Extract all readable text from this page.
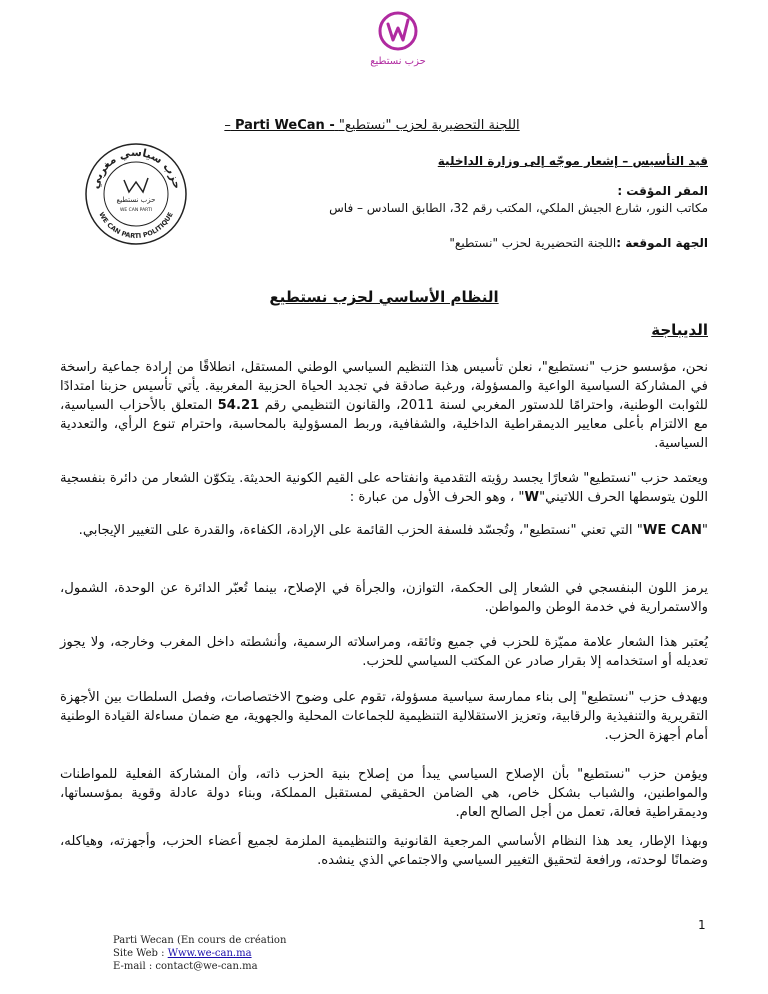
حزب نستطيع
حزب سياسي مغربي
WE CAN PARTI POLITIQUE
حزب نستطيع
WE CAN PARTI
– Parti WeCan - اللجنة التحضيرية لحزب "نستطيع"
قيد التأسيس – إشعار موجّه إلى وزارة الداخلية
المقر المؤقت :
مكاتب النور، شارع الجيش الملكي، المكتب رقم 32، الطابق السادس – فاس
الجهة الموقعة :اللجنة التحضيرية لحزب "نستطيع"
النظام الأساسي لحزب نستطيع
الديباجة
نحن، مؤسسو حزب "نستطيع"، نعلن تأسيس هذا التنظيم السياسي الوطني المستقل، انطلاقًا من إرادة جماعية راسخة في المشاركة السياسية الواعية والمسؤولة، ورغبة صادقة في تجديد الحياة الحزبية المغربية. يأتي تأسيس حزبنا امتدادًا للثوابت الوطنية، واحترامًا للدستور المغربي لسنة 2011، والقانون التنظيمي رقم 54.21 المتعلق بالأحزاب السياسية، مع الالتزام بأعلى معايير الديمقراطية الداخلية، والشفافية، وربط المسؤولية بالمحاسبة، واحترام تنوع الرأي، والتعددية السياسية.
ويعتمد حزب "نستطيع" شعارًا يجسد رؤيته التقدمية وانفتاحه على القيم الكونية الحديثة. يتكوّن الشعار من دائرة بنفسجية اللون يتوسطها الحرف اللاتيني"W" ، وهو الحرف الأول من عبارة :
"WE CAN" التي تعني "نستطيع"، وتُجسّد فلسفة الحزب القائمة على الإرادة، الكفاءة، والقدرة على التغيير الإيجابي.
يرمز اللون البنفسجي في الشعار إلى الحكمة، التوازن، والجرأة في الإصلاح، بينما تُعبّر الدائرة عن الوحدة، الشمول، والاستمرارية في خدمة الوطن والمواطن.
يُعتبر هذا الشعار علامة مميّزة للحزب في جميع وثائقه، ومراسلاته الرسمية، وأنشطته داخل المغرب وخارجه، ولا يجوز تعديله أو استخدامه إلا بقرار صادر عن المكتب السياسي للحزب.
ويهدف حزب "نستطيع" إلى بناء ممارسة سياسية مسؤولة، تقوم على وضوح الاختصاصات، وفصل السلطات بين الأجهزة التقريرية والتنفيذية والرقابية، وتعزيز الاستقلالية التنظيمية للجماعات المحلية والجهوية، مع ضمان مساءلة القيادة الوطنية أمام أجهزة الحزب.
ويؤمن حزب "نستطيع" بأن الإصلاح السياسي يبدأ من إصلاح بنية الحزب ذاته، وأن المشاركة الفعلية للمواطنات والمواطنين، والشباب بشكل خاص، هي الضامن الحقيقي لمستقبل المملكة، وبناء دولة عادلة وقوية بمؤسساتها، وديمقراطية فعالة، تعمل من أجل الصالح العام.
وبهذا الإطار، يعد هذا النظام الأساسي المرجعية القانونية والتنظيمية الملزمة لجميع أعضاء الحزب، وأجهزته، وهياكله، وضمانًا لوحدته، ورافعة لتحقيق التغيير السياسي والاجتماعي الذي ينشده.
1
Parti Wecan (En cours de création
Site Web : Www.we-can.ma
E-mail : contact@we-can.ma
